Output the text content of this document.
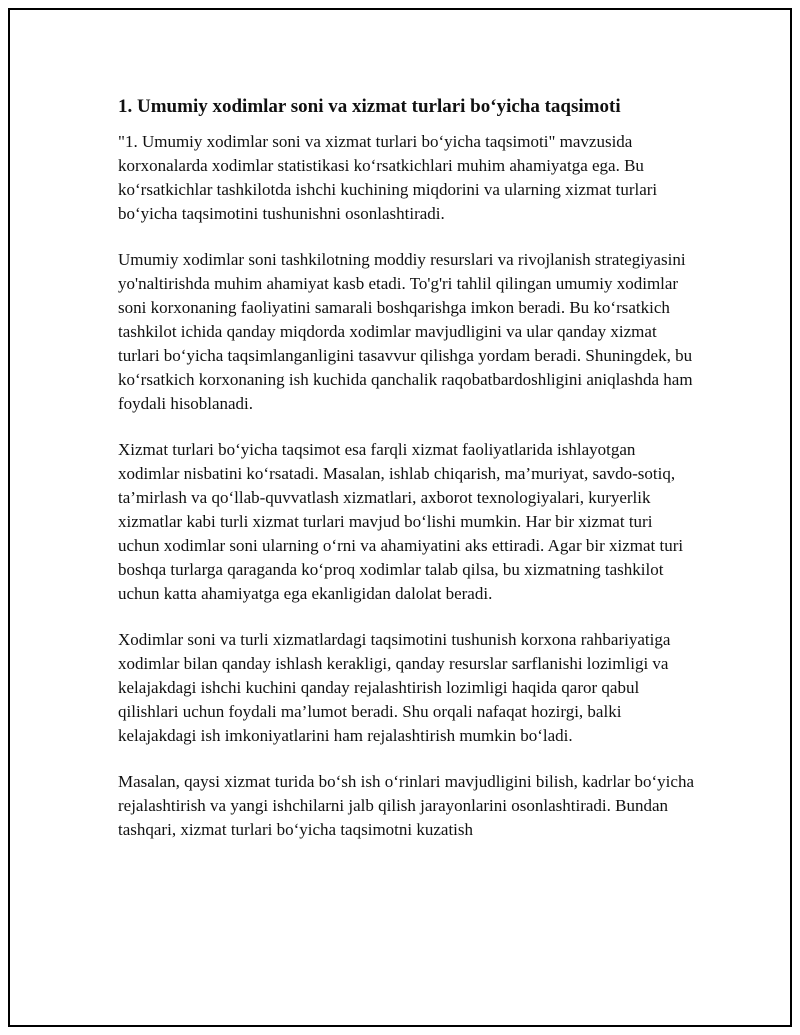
1. Umumiy xodimlar soni va xizmat turlari bo‘yicha taqsimoti

"1. Umumiy xodimlar soni va xizmat turlari bo‘yicha taqsimoti" mavzusida korxonalarda xodimlar statistikasi ko‘rsatkichlari muhim ahamiyatga ega. Bu ko‘rsatkichlar tashkilotda ishchi kuchining miqdorini va ularning xizmat turlari bo‘yicha taqsimotini tushunishni osonlashtiradi.

Umumiy xodimlar soni tashkilotning moddiy resurslari va rivojlanish strategiyasini yo'naltirishda muhim ahamiyat kasb etadi. To'g'ri tahlil qilingan umumiy xodimlar soni korxonaning faoliyatini samarali boshqarishga imkon beradi. Bu ko‘rsatkich tashkilot ichida qanday miqdorda xodimlar mavjudligini va ular qanday xizmat turlari bo‘yicha taqsimlanganligini tasavvur qilishga yordam beradi. Shuningdek, bu ko‘rsatkich korxonaning ish kuchida qanchalik raqobatbardoshligini aniqlashda ham foydali hisoblanadi.

Xizmat turlari bo‘yicha taqsimot esa farqli xizmat faoliyatlarida ishlayotgan xodimlar nisbatini ko‘rsatadi. Masalan, ishlab chiqarish, ma’muriyat, savdo-sotiq, ta’mirlash va qo‘llab-quvvatlash xizmatlari, axborot texnologiyalari, kuryerlik xizmatlar kabi turli xizmat turlari mavjud bo‘lishi mumkin. Har bir xizmat turi uchun xodimlar soni ularning o‘rni va ahamiyatini aks ettiradi. Agar bir xizmat turi boshqa turlarga qaraganda ko‘proq xodimlar talab qilsa, bu xizmatning tashkilot uchun katta ahamiyatga ega ekanligidan dalolat beradi.

Xodimlar soni va turli xizmatlardagi taqsimotini tushunish korxona rahbariyatiga xodimlar bilan qanday ishlash kerakligi, qanday resurslar sarflanishi lozimligi va kelajakdagi ishchi kuchini qanday rejalashtirish lozimligi haqida qaror qabul qilishlari uchun foydali ma’lumot beradi. Shu orqali nafaqat hozirgi, balki kelajakdagi ish imkoniyatlarini ham rejalashtirish mumkin bo‘ladi.

Masalan, qaysi xizmat turida bo‘sh ish o‘rinlari mavjudligini bilish, kadrlar bo‘yicha rejalashtirish va yangi ishchilarni jalb qilish jarayonlarini osonlashtiradi. Bundan tashqari, xizmat turlari bo‘yicha taqsimotni kuzatish
